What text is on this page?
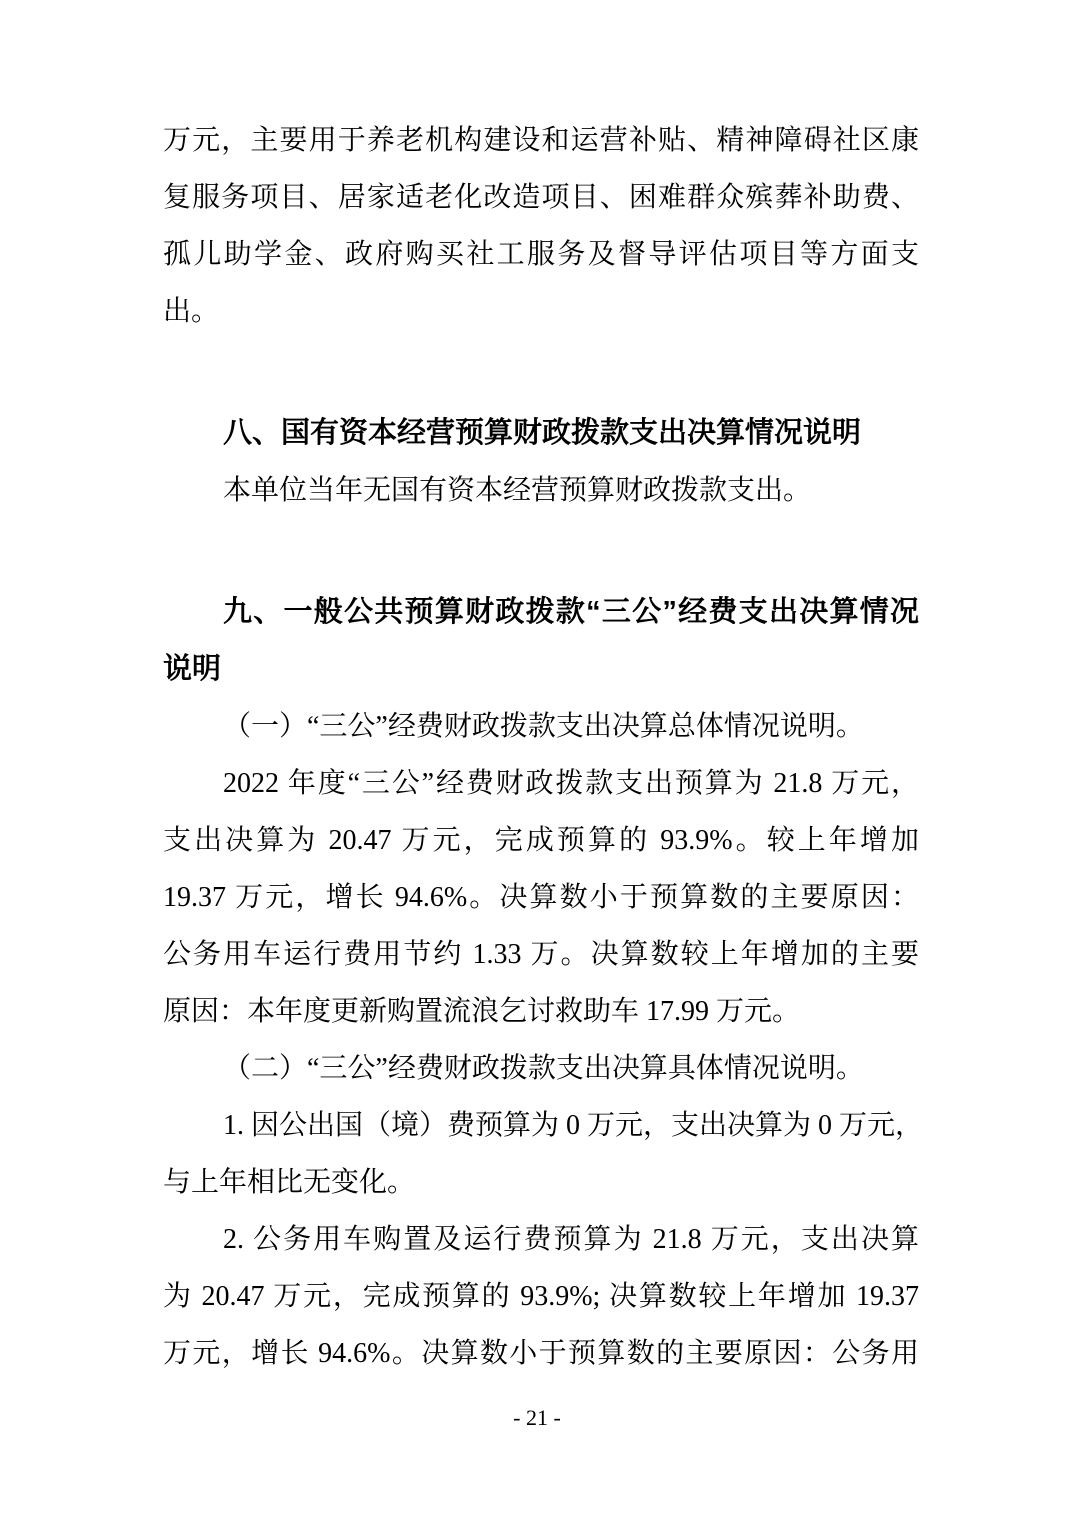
万元，主要用于养老机构建设和运营补贴、精神障碍社区康
复服务项目、居家适老化改造项目、困难群众殡葬补助费、
孤儿助学金、政府购买社工服务及督导评估项目等方面支
出。
八、国有资本经营预算财政拨款支出决算情况说明
本单位当年无国有资本经营预算财政拨款支出。
九、一般公共预算财政拨款“三公”经费支出决算情况
说明
（一）“三公”经费财政拨款支出决算总体情况说明。
2022 年度“三公”经费财政拨款支出预算为 21.8 万元，
支出决算为 20.47 万元，完成预算的 93.9%。较上年增加
19.37 万元，增长 94.6%。决算数小于预算数的主要原因：
公务用车运行费用节约 1.33 万。决算数较上年增加的主要
原因：本年度更新购置流浪乞讨救助车 17.99 万元。
（二）“三公”经费财政拨款支出决算具体情况说明。
1. 因公出国（境）费预算为 0 万元，支出决算为 0 万元，
与上年相比无变化。
2. 公务用车购置及运行费预算为 21.8 万元，支出决算
为 20.47 万元，完成预算的 93.9%; 决算数较上年增加 19.37
万元，增长 94.6%。决算数小于预算数的主要原因：公务用
- 21 -
